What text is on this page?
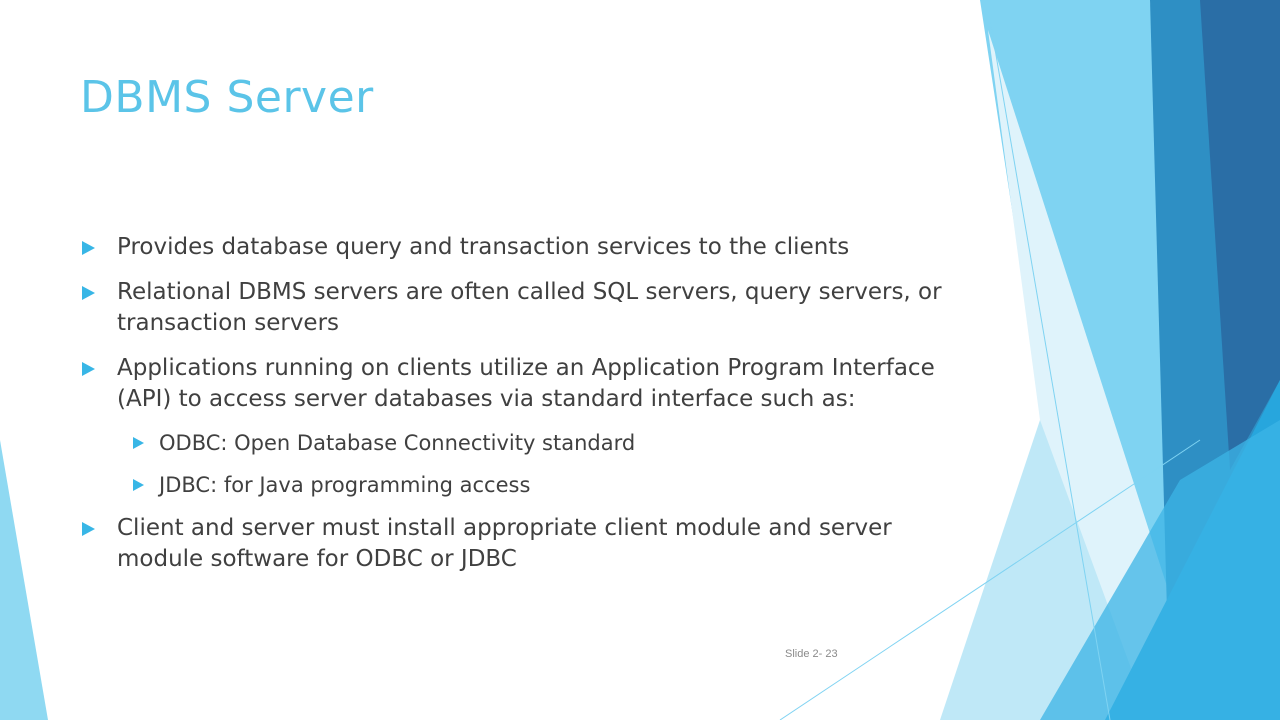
DBMS Server
Provides database query and transaction services to the clients
Relational DBMS servers are often called SQL servers, query servers, or transaction servers
Applications running on clients utilize an Application Program Interface (API) to access server databases via standard interface such as:
ODBC: Open Database Connectivity standard
JDBC: for Java programming access
Client and server must install appropriate client module and server module software for ODBC or JDBC
Slide 2- 23
